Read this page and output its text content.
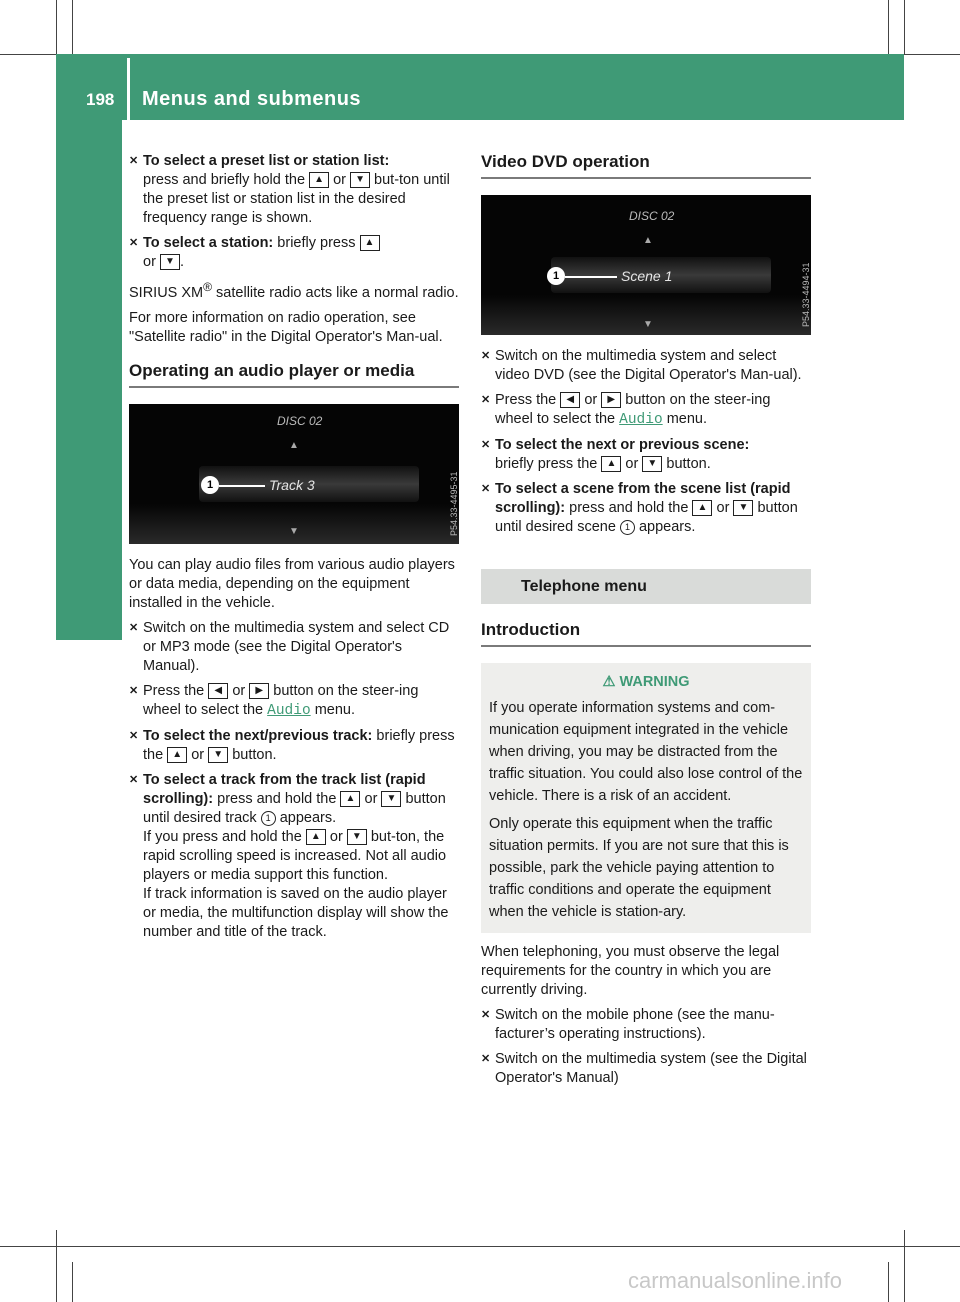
198 Menus and submenus
✕ To select a preset list or station list:
press and briefly hold the ▲ or ▼ but-ton until the preset list or station list in the desired frequency range is shown.
✕ To select a station: briefly press ▲
or ▼ .

SIRIUS XM® satellite radio acts like a normal radio.

For more information on radio operation, see "Satellite radio" in the Digital Operator's Man-ual.

Operating an audio player or media
DISC 02
▲
Track 3
1
▼	P54.33-4495-31

You can play audio files from various audio players or data media, depending on the equipment installed in the vehicle.

✕ Switch on the multimedia system and select CD or MP3 mode (see the Digital Operator's Manual).
✕ Press the ◀ or ▶ button on the steer-ing wheel to select the Audio menu.
✕ To select the next/previous track: briefly press the ▲ or ▼ button.
✕ To select a track from the track list (rapid scrolling): press and hold the ▲ or ▼ button until desired track 1 appears.
If you press and hold the ▲ or ▼ but-ton, the rapid scrolling speed is increased. Not all audio players or media support this function.
If track information is saved on the audio player or media, the multifunction display will show the number and title of the track.
Video DVD operation
DISC 02
▲
Scene 1
1
▼	P54.33-4494-31
✕ Switch on the multimedia system and select video DVD (see the Digital Operator's Man-ual).
✕ Press the ◀ or ▶ button on the steer-ing wheel to select the Audio menu.
✕ To select the next or previous scene:
briefly press the ▲ or ▼ button.
✕ To select a scene from the scene list (rapid scrolling): press and hold the ▲ or ▼ button until desired scene 1 appears.
Telephone menu
Introduction
⚠ WARNING
If you operate information systems and com-munication equipment integrated in the vehicle when driving, you may be distracted from the traffic situation. You could also lose control of the vehicle. There is a risk of an accident.
Only operate this equipment when the traffic situation permits. If you are not sure that this is possible, park the vehicle paying attention to traffic conditions and operate the equipment when the vehicle is station-ary.

When telephoning, you must observe the legal requirements for the country in which you are currently driving.

✕ Switch on the mobile phone (see the manu-facturer’s operating instructions).
✕ Switch on the multimedia system (see the Digital Operator's Manual)
carmanualsonline.info
